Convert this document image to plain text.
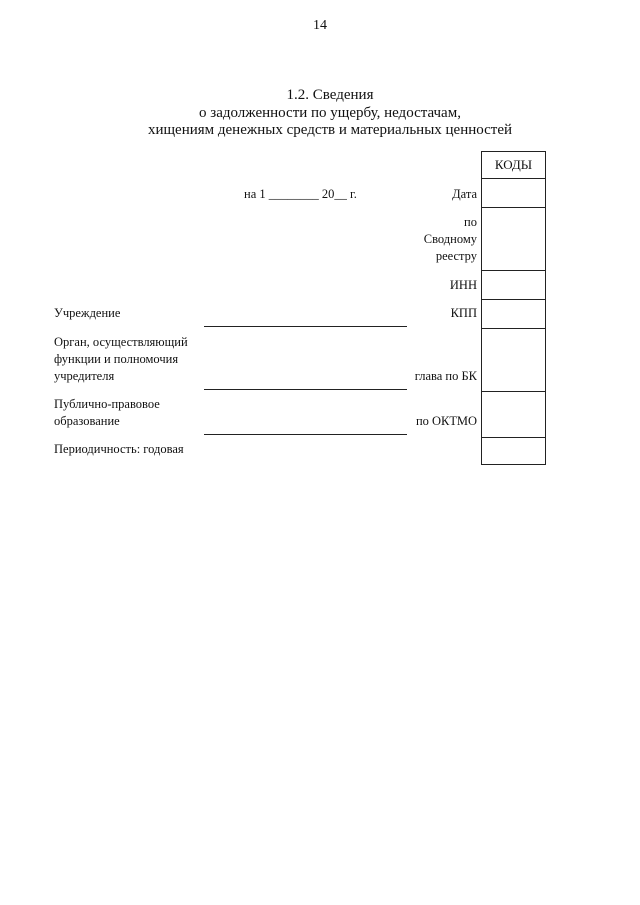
14
1.2. Сведения
о задолженности по ущербу, недостачам,
хищениям денежных средств и материальных ценностей
на 1 ________ 20__ г.	Дата
по
Сводному
реестру
ИНН
КПП
глава по БК
по ОКТМО
Учреждение
Орган, осуществляющий
функции и полномочия
учредителя
Публично-правовое
образование
Периодичность: годовая
КОДЫ
